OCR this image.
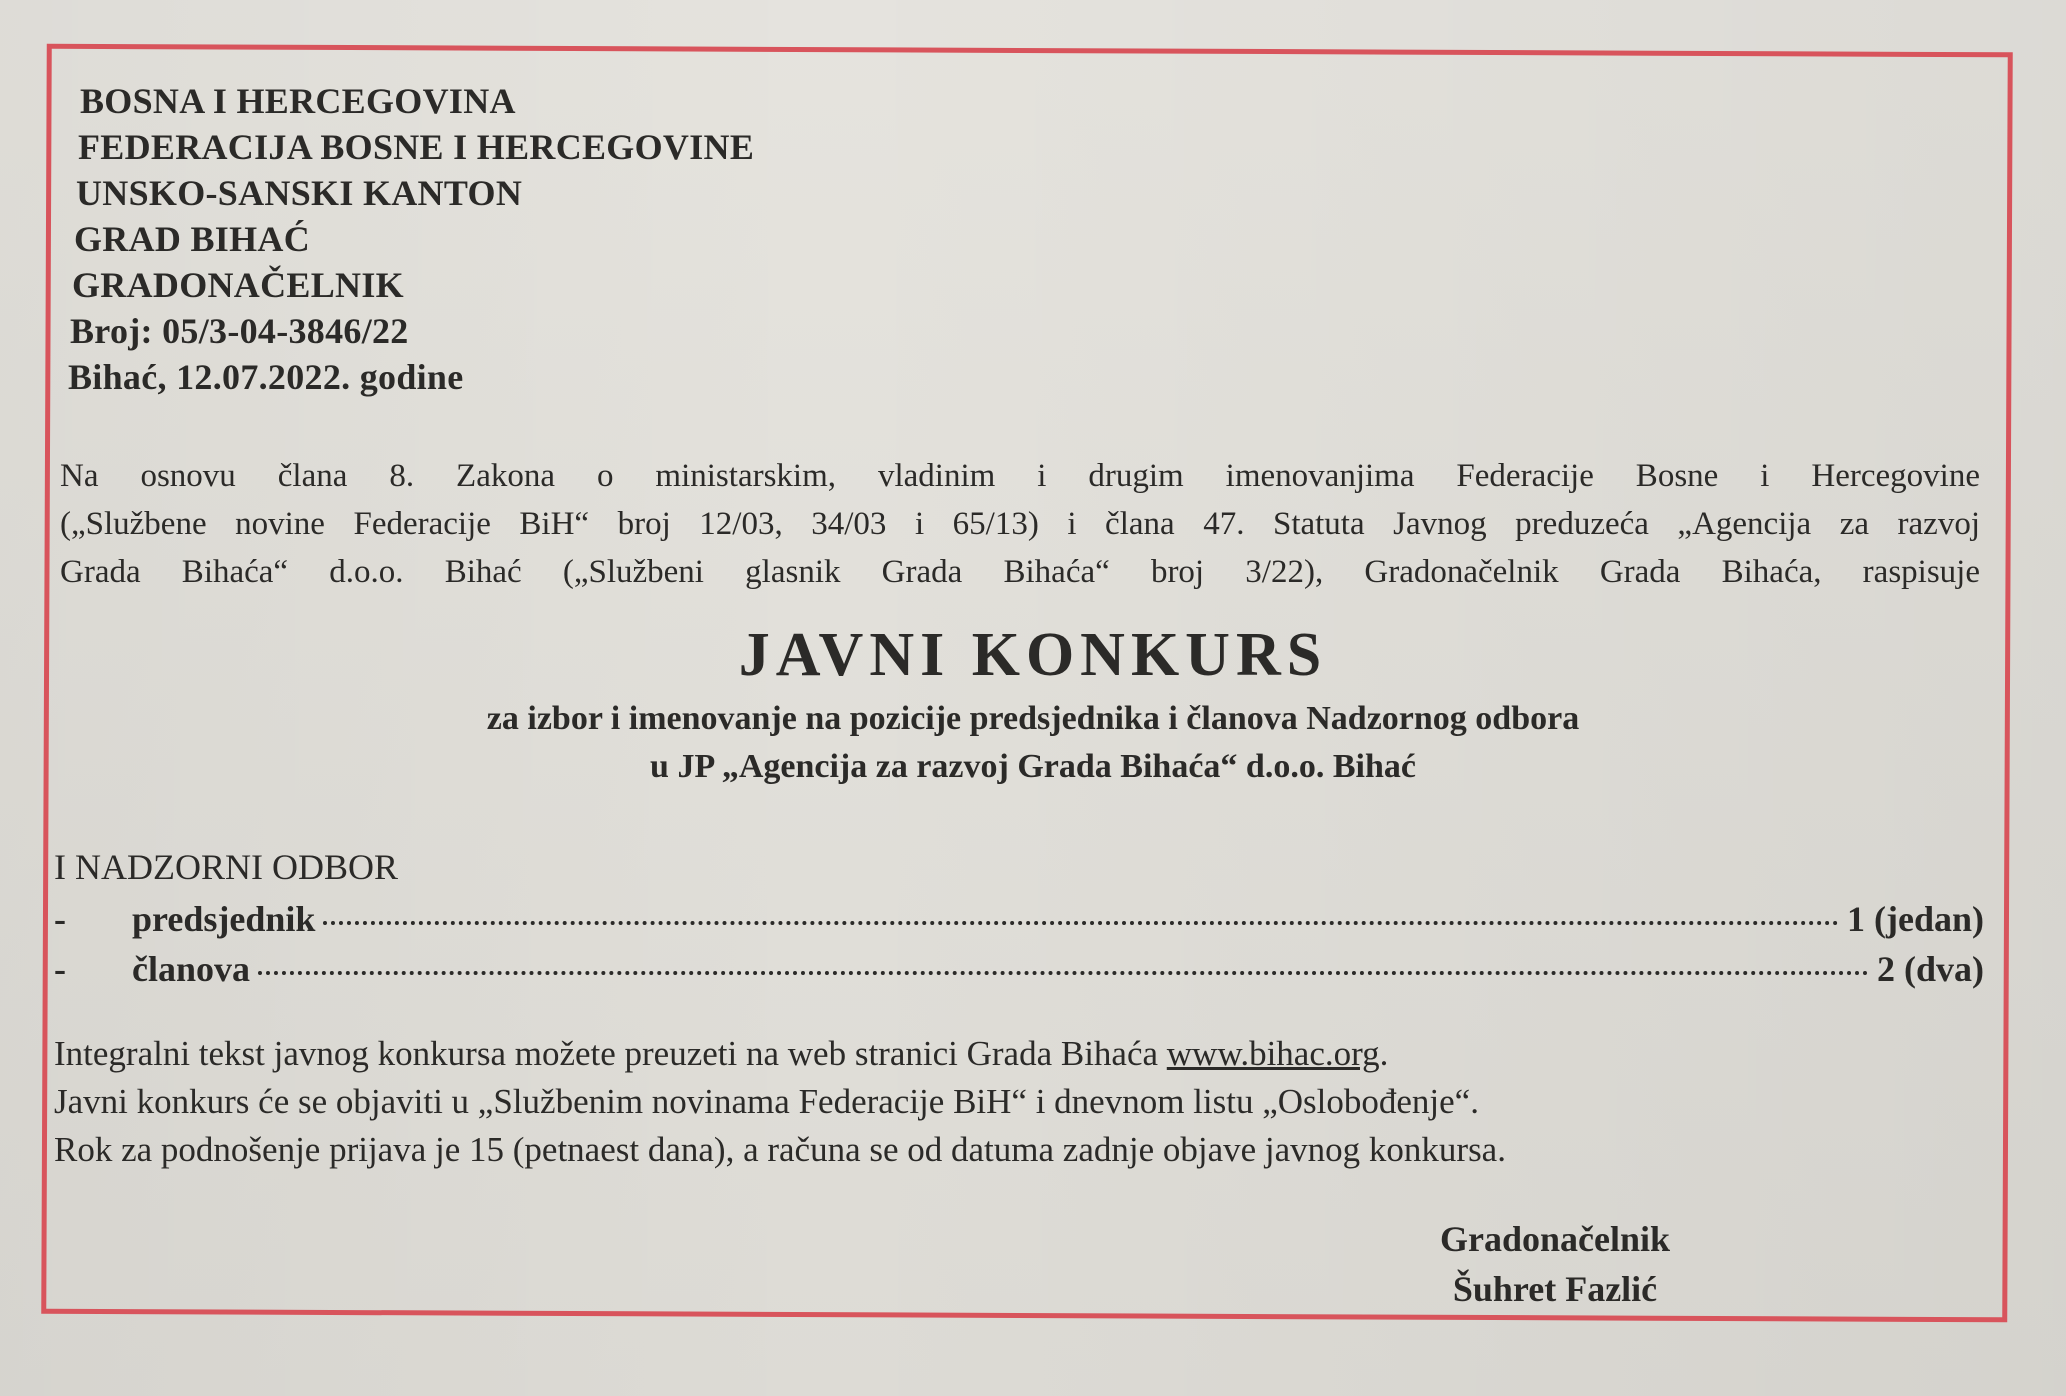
BOSNA I HERCEGOVINA
FEDERACIJA BOSNE I HERCEGOVINE
UNSKO-SANSKI KANTON
GRAD BIHAĆ
GRADONAČELNIK
Broj: 05/3-04-3846/22
Bihać, 12.07.2022. godine
Na osnovu člana 8. Zakona o ministarskim, vladinim i drugim imenovanjima Federacije Bosne i Hercegovine
(„Službene novine Federacije BiH“ broj 12/03, 34/03 i 65/13) i člana 47. Statuta Javnog preduzeća „Agencija za razvoj
Grada Bihaća“ d.o.o. Bihać („Službeni glasnik Grada Bihaća“ broj 3/22), Gradonačelnik Grada Bihaća, raspisuje
JAVNI KONKURS
za izbor i imenovanje na pozicije predsjednika i članova Nadzornog odbora
u JP „Agencija za razvoj Grada Bihaća“ d.o.o. Bihać
I NADZORNI ODBOR
-	predsjednik	1 (jedan)
-	članova	2 (dva)
Integralni tekst javnog konkursa možete preuzeti na web stranici Grada Bihaća www.bihac.org.
Javni konkurs će se objaviti u „Službenim novinama Federacije BiH“ i dnevnom listu „Oslobođenje“.
Rok za podnošenje prijava je 15 (petnaest dana), a računa se od datuma zadnje objave javnog konkursa.
Gradonačelnik
Šuhret Fazlić
